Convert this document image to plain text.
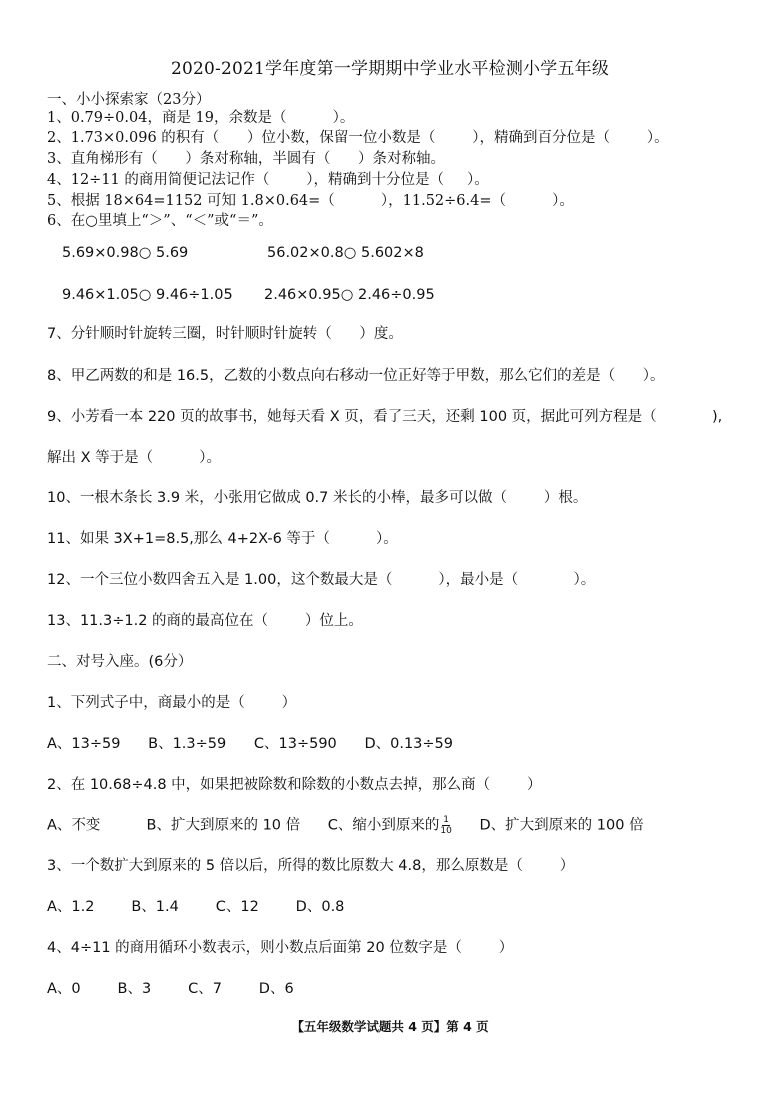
2020-2021学年度第一学期期中学业水平检测小学五年级
一、小小探索家（23分）
1、0.79÷0.04，商是 19，余数是（          ）。
2、1.73×0.096 的积有（      ）位小数，保留一位小数是（        ），精确到百分位是（        ）。
3、直角梯形有（      ）条对称轴，半圆有（      ）条对称轴。
4、12÷11 的商用简便记法记作（        ），精确到十分位是（     ）。
5、根据 18×64=1152 可知 1.8×0.64=（          ），11.52÷6.4=（          ）。
6、在○里填上“＞”、“＜”或“＝”。
5.69×0.98○ 5.69	56.02×0.8○ 5.602×8
9.46×1.05○ 9.46÷1.05 2.46×0.95○ 2.46÷0.95
7、分针顺时针旋转三圈，时针顺时针旋转（      ）度。
8、甲乙两数的和是 16.5，乙数的小数点向右移动一位正好等于甲数，那么它们的差是（      ）。
9、小芳看一本 220 页的故事书，她每天看 X 页，看了三天，还剩 100 页，据此可列方程是（            ),
解出 X 等于是（          ）。
10、一根木条长 3.9 米，小张用它做成 0.7 米长的小棒，最多可以做（        ）根。
11、如果 3X+1=8.5,那么 4+2X-6 等于（          ）。
12、一个三位小数四舍五入是 1.00，这个数最大是（          ），最小是（            ）。
13、11.3÷1.2 的商的最高位在（        ）位上。
二、对号入座。(6分）
1、下列式子中，商最小的是（        ）
A、13÷59      B、1.3÷59      C、13÷590      D、0.13÷59
2、在 10.68÷4.8 中，如果把被除数和除数的小数点去掉，那么商（        ）
A、不变          B、扩大到原来的 10 倍      C、缩小到原来的 $\frac{1}{10}$ D、扩大到原来的 100 倍
3、一个数扩大到原来的 5 倍以后，所得的数比原数大 4.8，那么原数是（        ）
A、1.2        B、1.4        C、12        D、0.8
4、4÷11 的商用循环小数表示，则小数点后面第 20 位数字是（        ）
A、0        B、3        C、7        D、6
【五年级数学试题共 4 页】第 4 页
